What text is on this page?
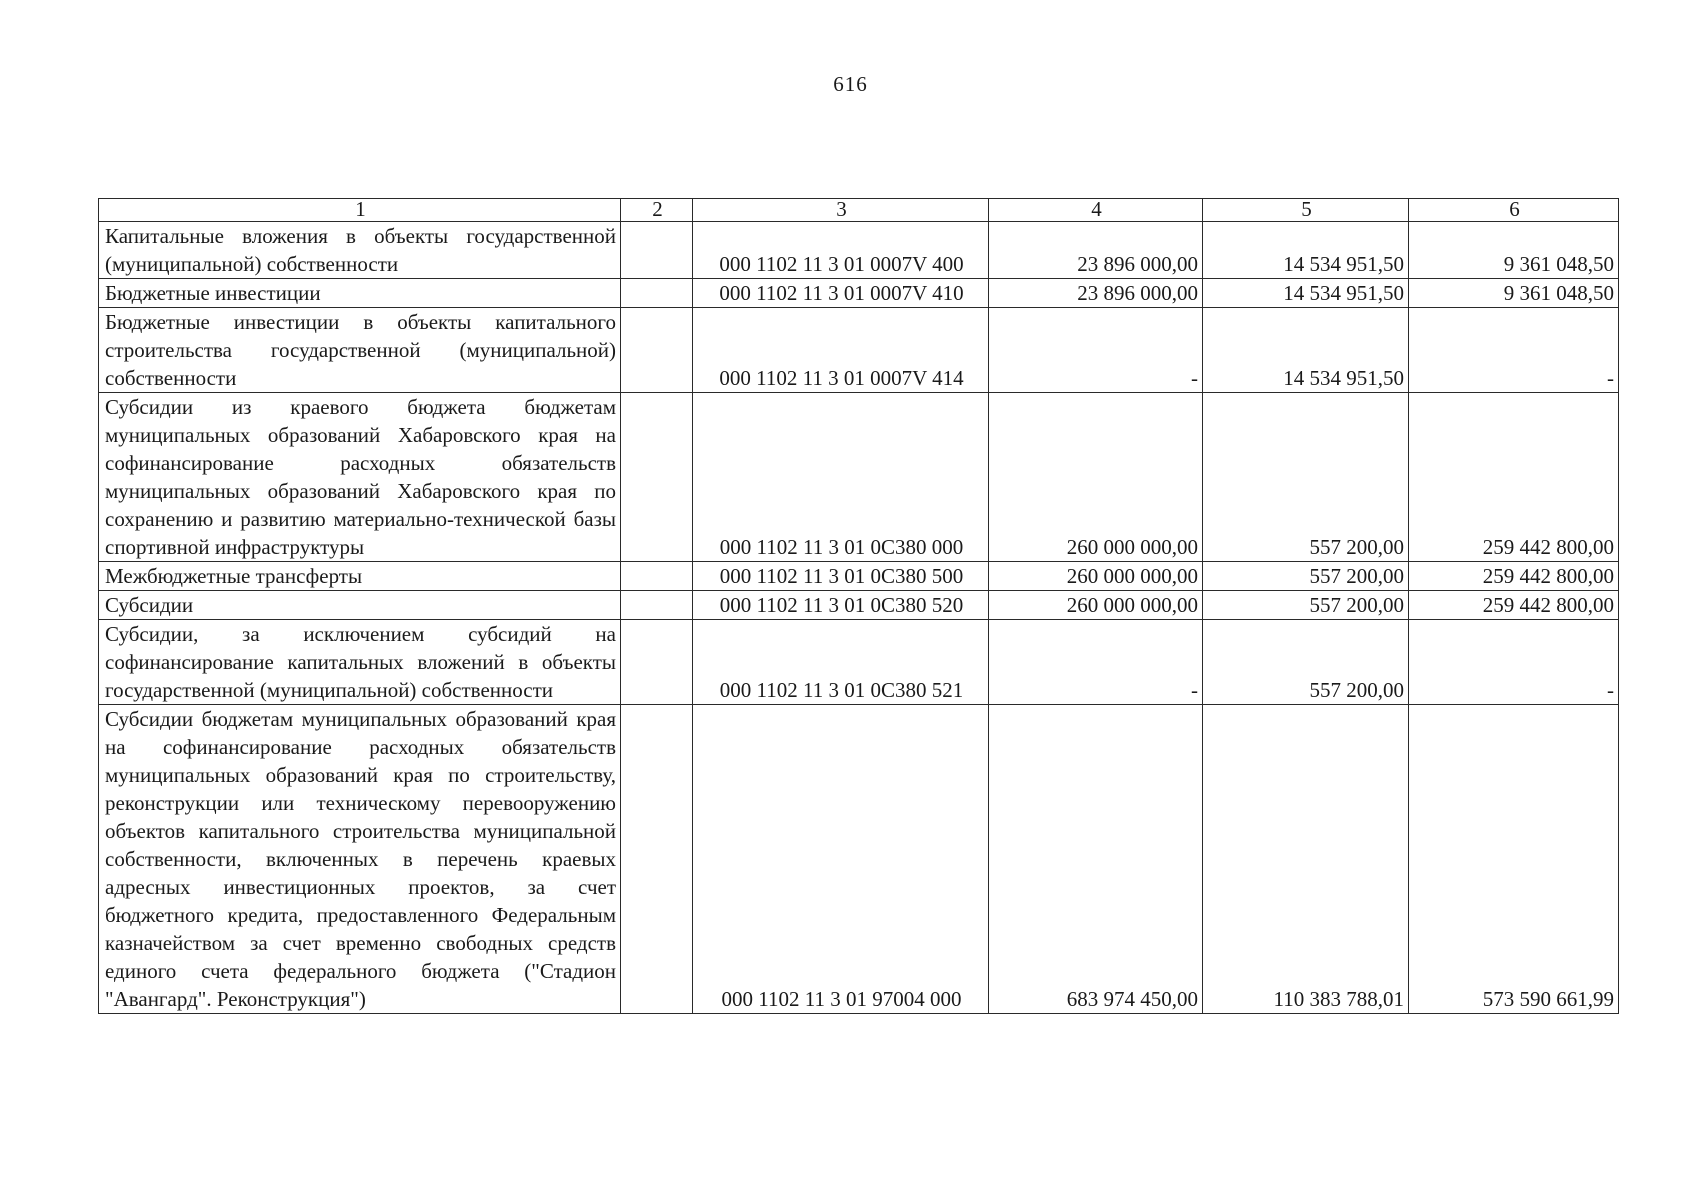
616
1	2	3	4	5	6
Капитальные вложения в объекты государственной (муниципальной) собственности		000 1102 11 3 01 0007V 400	23 896 000,00	14 534 951,50	9 361 048,50
Бюджетные инвестиции		000 1102 11 3 01 0007V 410	23 896 000,00	14 534 951,50	9 361 048,50
Бюджетные инвестиции в объекты капитального строительства государственной (муниципальной) собственности		000 1102 11 3 01 0007V 414	-	14 534 951,50	-
Субсидии из краевого бюджета бюджетам муниципальных образований Хабаровского края на софинансирование расходных обязательств муниципальных образований Хабаровского края по сохранению и развитию материально-технической базы спортивной инфраструктуры		000 1102 11 3 01 0С380 000	260 000 000,00	557 200,00	259 442 800,00
Межбюджетные трансферты		000 1102 11 3 01 0С380 500	260 000 000,00	557 200,00	259 442 800,00
Субсидии		000 1102 11 3 01 0С380 520	260 000 000,00	557 200,00	259 442 800,00
Субсидии, за исключением субсидий на софинансирование капитальных вложений в объекты государственной (муниципальной) собственности		000 1102 11 3 01 0С380 521	-	557 200,00	-
Субсидии бюджетам муниципальных образований края на софинансирование расходных обязательств муниципальных образований края по строительству, реконструкции или техническому перевооружению объектов капитального строительства муниципальной собственности, включенных в перечень краевых адресных инвестиционных проектов, за счет бюджетного кредита, предоставленного Федеральным казначейством за счет временно свободных средств единого счета федерального бюджета ("Стадион "Авангард". Реконструкция")		000 1102 11 3 01 97004 000	683 974 450,00	110 383 788,01	573 590 661,99
